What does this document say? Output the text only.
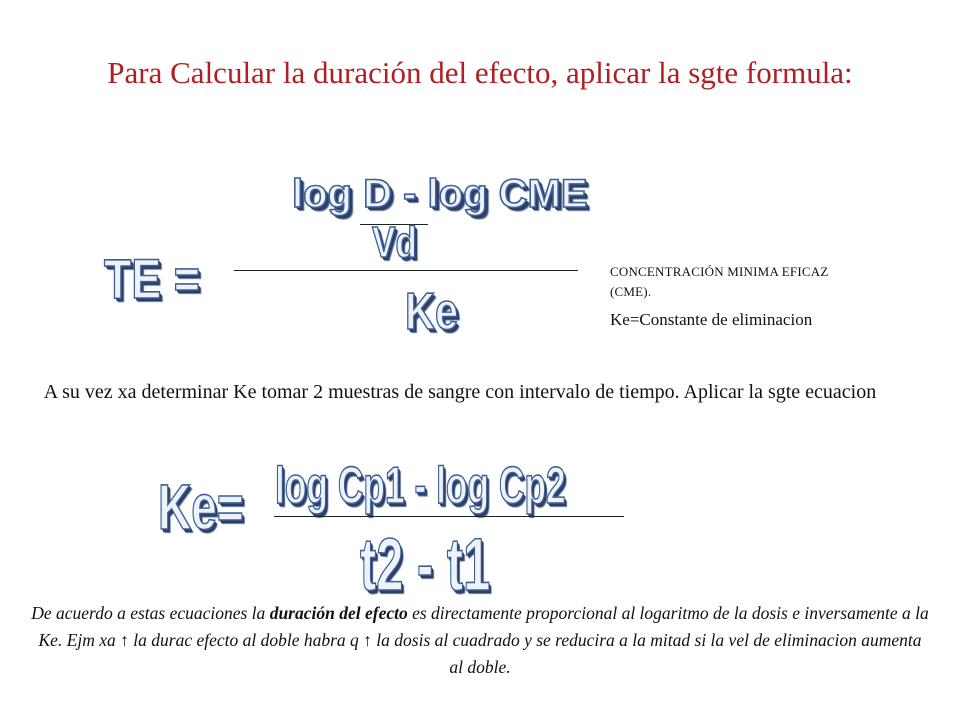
Para Calcular la duración del efecto, aplicar la sgte formula:
log D - log CME
Vd
TE =
Ke
CONCENTRACIÓN MINIMA EFICAZ
(CME).
Ke=Constante de eliminacion
A su vez xa determinar Ke tomar 2 muestras de sangre con intervalo de tiempo. Aplicar la sgte ecuacion
Ke= log Cp1 - log Cp2
t2 - t1
De acuerdo a estas ecuaciones la duración del efecto es directamente proporcional al logaritmo de la dosis e inversamente a la Ke. Ejm xa ↑ la durac efecto al doble habra q ↑ la dosis al cuadrado y se reducira a la mitad si la vel de eliminacion aumenta al doble.
